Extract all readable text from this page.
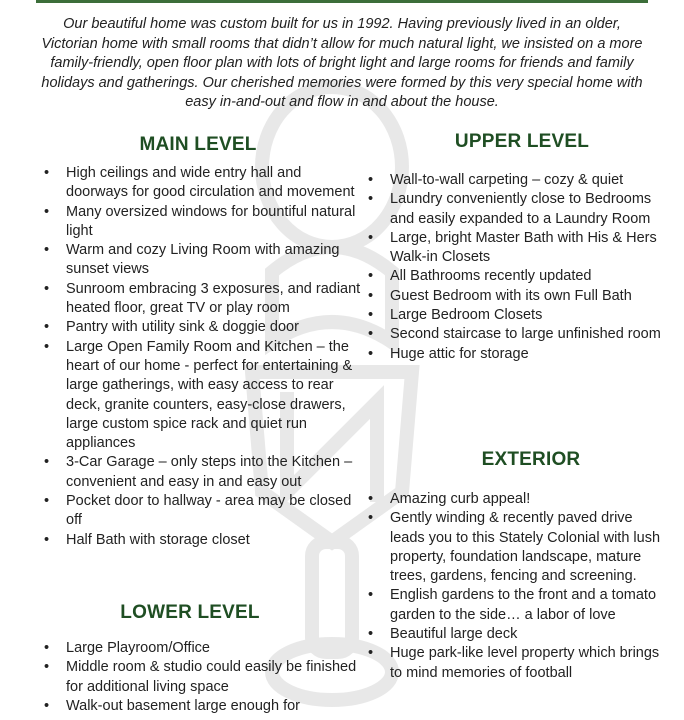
Our beautiful home was custom built for us in 1992. Having previously lived in an older, Victorian home with small rooms that didn’t allow for much natural light, we insisted on a more family-friendly, open floor plan with lots of bright light and large rooms for friends and family holidays and gatherings. Our cherished memories were formed by this very special home with easy in-and-out and flow in and about the house.

MAIN LEVEL
• High ceilings and wide entry hall and doorways for good circulation and movement
• Many oversized windows for bountiful natural light
• Warm and cozy Living Room with amazing sunset views
• Sunroom embracing 3 exposures, and radiant heated floor, great TV or play room
• Pantry with utility sink & doggie door
• Large Open Family Room and Kitchen – the heart of our home - perfect for entertaining & large gatherings, with easy access to rear deck, granite counters, easy-close drawers, large custom spice rack and quiet run appliances
• 3-Car Garage – only steps into the Kitchen – convenient and easy in and easy out
• Pocket door to hallway - area may be closed off
• Half Bath with storage closet
LOWER LEVEL
• Large Playroom/Office
• Middle room & studio could easily be finished for additional living space
• Walk-out basement large enough for
UPPER LEVEL
• Wall-to-wall carpeting – cozy & quiet
• Laundry conveniently close to Bedrooms and easily expanded to a Laundry Room
• Large, bright Master Bath with His & Hers Walk-in Closets
• All Bathrooms recently updated
• Guest Bedroom with its own Full Bath
• Large Bedroom Closets
• Second staircase to large unfinished room
• Huge attic for storage
EXTERIOR
• Amazing curb appeal!
• Gently winding & recently paved drive leads you to this Stately Colonial with lush property, foundation landscape, mature trees, gardens, fencing and screening.
• English gardens to the front and a tomato garden to the side… a labor of love
• Beautiful large deck
• Huge park-like level property which brings to mind memories of football
